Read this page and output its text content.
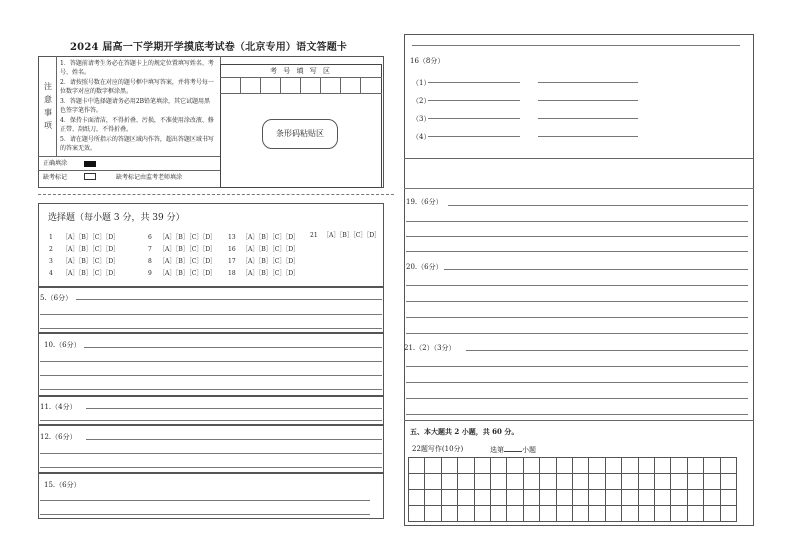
2024 届高一下学期开学摸底考试卷（北京专用）语文答题卡
注
意
事
项
1．答题前请考生务必在答题卡上的规定位置填写姓名、考号、姓名。
2．请按照号数在对应的题号框中填写答案，并将考号每一位数字对应的数字框涂黑。
3．答题卡中选择题请务必用2B铅笔填涂，其它试题用黑色签字笔作答。
4．保持卡面清洁，不得折叠、污损，不准使用涂改液、修正带、刮纸刀，不得折叠。
5．请在题号所指示的答题区域内作答，超出答题区域书写的答案无效。
正确填涂
缺考标记	缺考标记由监考老师填涂
考 号 填 写 区
条形码粘贴区
选择题（每小题 3 分，共 39 分）
1 ［A］［B］［C］［D］
2 ［A］［B］［C］［D］
3 ［A］［B］［C］［D］
4 ［A］［B］［C］［D］
6 ［A］［B］［C］［D］
7 ［A］［B］［C］［D］
8 ［A］［B］［C］［D］
9 ［A］［B］［C］［D］
13 ［A］［B］［C］［D］
16 ［A］［B］［C］［D］
17 ［A］［B］［C］［D］
18 ［A］［B］［C］［D］
21 ［A］［B］［C］［D］
5.（6分）
10.（6分）
11.（4分）
12.（6分）
15.（6分）
16（8分）
（1）
（2）
（3）
（4）
19.（6分）
20.（6分）
21.（2）（3分）
五、本大题共 2 小题，共 60 分。
22题写作(10分)	选第	小题
